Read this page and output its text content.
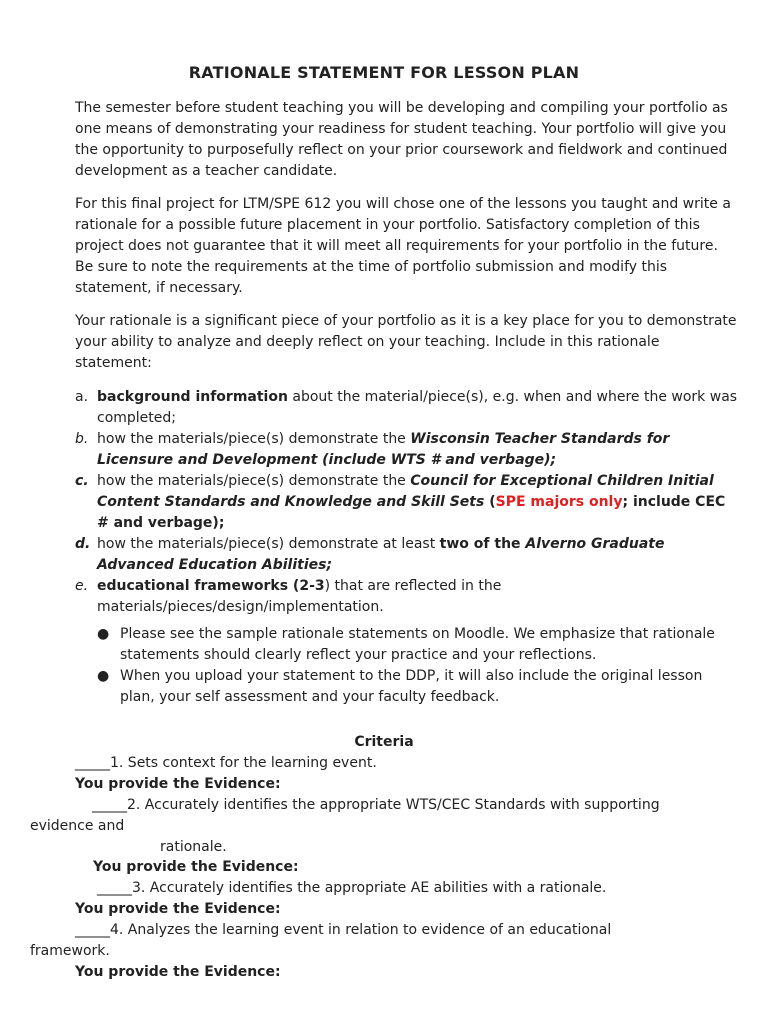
RATIONALE STATEMENT FOR LESSON PLAN

The semester before student teaching you will be developing and compiling your portfolio as one means of demonstrating your readiness for student teaching. Your portfolio will give you the opportunity to purposefully reflect on your prior coursework and fieldwork and continued development as a teacher candidate.

For this final project for LTM/SPE 612 you will chose one of the lessons you taught and write a rationale for a possible future placement in your portfolio. Satisfactory completion of this project does not guarantee that it will meet all requirements for your portfolio in the future. Be sure to note the requirements at the time of portfolio submission and modify this statement, if necessary.

Your rationale is a significant piece of your portfolio as it is a key place for you to demonstrate your ability to analyze and deeply reflect on your teaching. Include in this rationale statement:

a. background information about the material/piece(s), e.g. when and where the work was completed;
b. how the materials/piece(s) demonstrate the Wisconsin Teacher Standards for Licensure and Development (include WTS # and verbage);
c. how the materials/piece(s) demonstrate the Council for Exceptional Children Initial Content Standards and Knowledge and Skill Sets (SPE majors only; include CEC # and verbage);
d. how the materials/piece(s) demonstrate at least two of the Alverno Graduate Advanced Education Abilities;
e. educational frameworks (2-3) that are reflected in the materials/pieces/design/implementation.
● Please see the sample rationale statements on Moodle. We emphasize that rationale statements should clearly reflect your practice and your reflections.
● When you upload your statement to the DDP, it will also include the original lesson plan, your self assessment and your faculty feedback.
Criteria
_____1. Sets context for the learning event.
You provide the Evidence:
_____2. Accurately identifies the appropriate WTS/CEC Standards with supporting
evidence and
rationale.
You provide the Evidence:
_____3. Accurately identifies the appropriate AE abilities with a rationale.
You provide the Evidence:
_____4. Analyzes the learning event in relation to evidence of an educational
framework.
You provide the Evidence:
